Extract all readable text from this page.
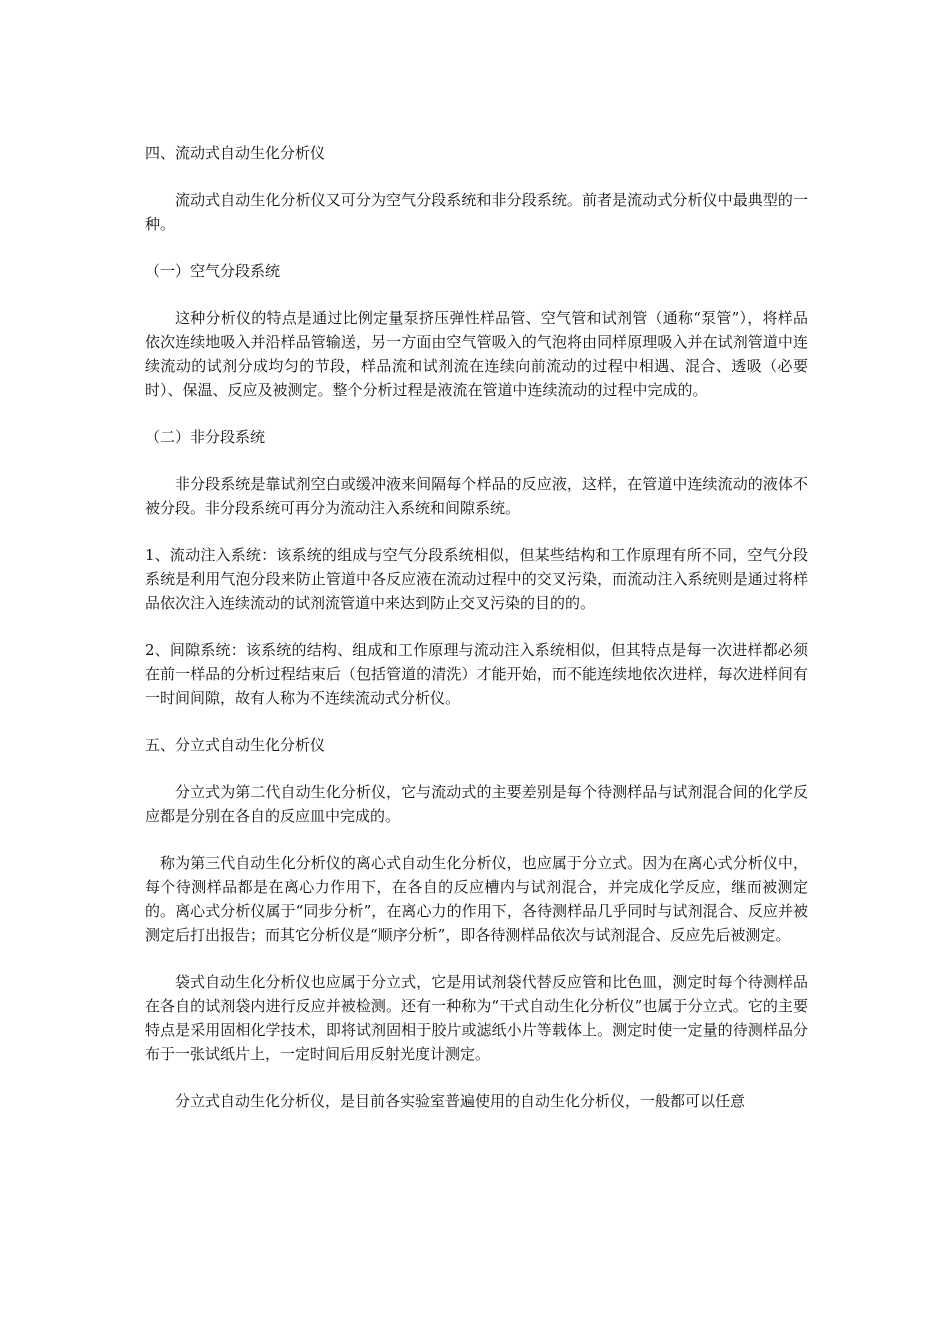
四、流动式自动生化分析仪

流动式自动生化分析仪又可分为空气分段系统和非分段系统。前者是流动式分析仪中最典型的一种。

（一）空气分段系统

这种分析仪的特点是通过比例定量泵挤压弹性样品管、空气管和试剂管（通称“泵管”），将样品依次连续地吸入并沿样品管输送，另一方面由空气管吸入的气泡将由同样原理吸入并在试剂管道中连续流动的试剂分成均匀的节段，样品流和试剂流在连续向前流动的过程中相遇、混合、透吸（必要时）、保温、反应及被测定。整个分析过程是液流在管道中连续流动的过程中完成的。

（二）非分段系统

非分段系统是靠试剂空白或缓冲液来间隔每个样品的反应液，这样，在管道中连续流动的液体不被分段。非分段系统可再分为流动注入系统和间隙系统。

1、流动注入系统：该系统的组成与空气分段系统相似，但某些结构和工作原理有所不同，空气分段系统是利用气泡分段来防止管道中各反应液在流动过程中的交叉污染，而流动注入系统则是通过将样品依次注入连续流动的试剂流管道中来达到防止交叉污染的目的的。

2、间隙系统：该系统的结构、组成和工作原理与流动注入系统相似，但其特点是每一次进样都必须在前一样品的分析过程结束后（包括管道的清洗）才能开始，而不能连续地依次进样，每次进样间有一时间间隙，故有人称为不连续流动式分析仪。

五、分立式自动生化分析仪

分立式为第二代自动生化分析仪，它与流动式的主要差别是每个待测样品与试剂混合间的化学反应都是分别在各自的反应皿中完成的。

称为第三代自动生化分析仪的离心式自动生化分析仪，也应属于分立式。因为在离心式分析仪中，每个待测样品都是在离心力作用下，在各自的反应槽内与试剂混合，并完成化学反应，继而被测定的。离心式分析仪属于“同步分析”，在离心力的作用下，各待测样品几乎同时与试剂混合、反应并被测定后打出报告；而其它分析仪是“顺序分析”，即各待测样品依次与试剂混合、反应先后被测定。

袋式自动生化分析仪也应属于分立式，它是用试剂袋代替反应管和比色皿，测定时每个待测样品在各自的试剂袋内进行反应并被检测。还有一种称为“干式自动生化分析仪”也属于分立式。它的主要特点是采用固相化学技术，即将试剂固相于胶片或滤纸小片等载体上。测定时使一定量的待测样品分布于一张试纸片上，一定时间后用反射光度计测定。

分立式自动生化分析仪，是目前各实验室普遍使用的自动生化分析仪，一般都可以任意
